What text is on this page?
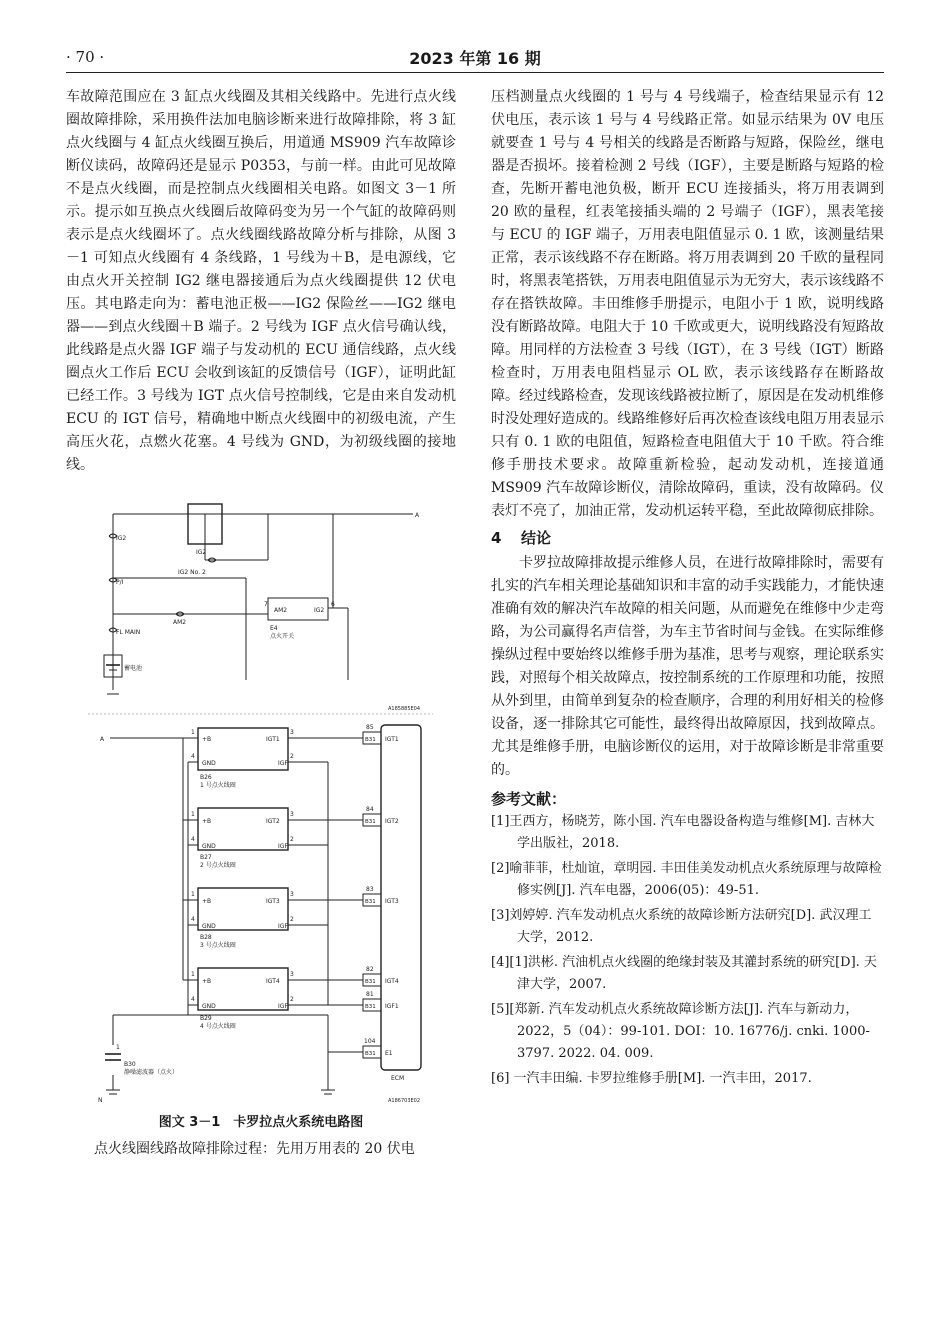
· 70 ·	2023 年第 16 期

车故障范围应在 3 缸点火线圈及其相关线路中。先进行点火线圈故障排除，采用换件法加电脑诊断来进行故障排除，将 3 缸点火线圈与 4 缸点火线圈互换后，用道通 MS909 汽车故障诊断仪读码，故障码还是显示 P0353，与前一样。由此可见故障不是点火线圈，而是控制点火线圈相关电路。如图文 3－1 所示。提示如互换点火线圈后故障码变为另一个气缸的故障码则表示是点火线圈坏了。点火线圈线路故障分析与排除，从图 3－1 可知点火线圈有 4 条线路，1 号线为＋B，是电源线，它由点火开关控制 IG2 继电器接通后为点火线圈提供 12 伏电压。其电路走向为：蓄电池正极——IG2 保险丝——IG2 继电器——到点火线圈＋B 端子。2 号线为 IGF 点火信号确认线，此线路是点火器 IGF 端子与发动机的 ECU 通信线路，点火线圈点火工作后 ECU 会收到该缸的反馈信号（IGF），证明此缸已经工作。3 号线为 IGT 点火信号控制线，它是由来自发动机 ECU 的 IGT 信号，精确地中断点火线圈中的初级电流，产生高压火花，点燃火花塞。4 号线为 GND，为初级线圈的接地线。

A
IG2
IG2
IG2 No. 2
P/I
AM2
AM2	IG2
7	6
E4
点火开关
FL MAIN
蓄电池
A185885E04
A	+B
GND	IGF
IGT1
1
4
3
2
B26
1 号点火线圈
85
B31 IGT1
+B
GND	IGF
IGT2
1
4
3
2
B27
2 号点火线圈
84
B31 IGT2
+B
GND	IGF
IGT3
1
4
3
2
B28
3 号点火线圈
83
B31 IGT3
+B
GND	IGF
IGT4
1
4
3
2
B29
4 号点火线圈
82
B31 IGT4
81
B31 IGF1
104
B31 E1
ECM
1
B30
静噪滤波器（点火）
N	A186703E02
图文 3－1　卡罗拉点火系统电路图
点火线圈线路故障排除过程：先用万用表的 20 伏电

压档测量点火线圈的 1 号与 4 号线端子，检查结果显示有 12 伏电压，表示该 1 号与 4 号线路正常。如显示结果为 0V 电压就要查 1 号与 4 号相关的线路是否断路与短路，保险丝，继电器是否损坏。接着检测 2 号线（IGF），主要是断路与短路的检查，先断开蓄电池负极，断开 ECU 连接插头，将万用表调到 20 欧的量程，红表笔接插头端的 2 号端子（IGF），黑表笔接与 ECU 的 IGF 端子，万用表电阻值显示 0. 1 欧，该测量结果正常，表示该线路不存在断路。将万用表调到 20 千欧的量程同时，将黑表笔搭铁，万用表电阻值显示为无穷大，表示该线路不存在搭铁故障。丰田维修手册提示，电阻小于 1 欧，说明线路没有断路故障。电阻大于 10 千欧或更大，说明线路没有短路故障。用同样的方法检查 3 号线（IGT），在 3 号线（IGT）断路检查时，万用表电阻档显示 OL 欧，表示该线路存在断路故障。经过线路检查，发现该线路被拉断了，原因是在发动机维修时没处理好造成的。线路维修好后再次检查该线电阻万用表显示只有 0. 1 欧的电阻值，短路检查电阻值大于 10 千欧。符合维修手册技术要求。故障重新检验，起动发动机，连接道通 MS909 汽车故障诊断仪，清除故障码，重读，没有故障码。仪表灯不亮了，加油正常，发动机运转平稳，至此故障彻底排除。

4 结论

卡罗拉故障排故提示维修人员，在进行故障排除时，需要有扎实的汽车相关理论基础知识和丰富的动手实践能力，才能快速准确有效的解决汽车故障的相关问题，从而避免在维修中少走弯路，为公司赢得名声信誉，为车主节省时间与金钱。在实际维修操纵过程中要始终以维修手册为基准，思考与观察，理论联系实践，对照每个相关故障点，按控制系统的工作原理和功能，按照从外到里，由简单到复杂的检查顺序，合理的利用好相关的检修设备，逐一排除其它可能性，最终得出故障原因，找到故障点。尤其是维修手册，电脑诊断仪的运用，对于故障诊断是非常重要的。

参考文献：

[1]王西方，杨晓芳，陈小国. 汽车电器设备构造与维修[M]. 吉林大学出版社，2018.

[2]喻菲菲，杜灿谊，章明园. 丰田佳美发动机点火系统原理与故障检修实例[J]. 汽车电器，2006(05)：49-51.

[3]刘婷婷. 汽车发动机点火系统的故障诊断方法研究[D]. 武汉理工大学，2012.

[4][1]洪彬. 汽油机点火线圈的绝缘封装及其灌封系统的研究[D]. 天津大学，2007.

[5][郑新. 汽车发动机点火系统故障诊断方法[J]. 汽车与新动力，2022，5（04）：99-101. DOI：10. 16776/j. cnki. 1000-3797. 2022. 04. 009.

[6] 一汽丰田编. 卡罗拉维修手册[M]. 一汽丰田，2017.
